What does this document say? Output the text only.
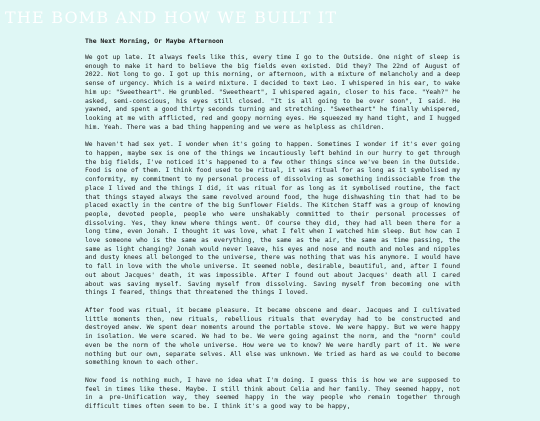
THE BOMB AND HOW WE BUILT IT
The Next Morning, Or Maybe Afternoon

We got up late. It always feels like this, every time I go to the Outside. One night of sleep is enough to make it hard to believe the big fields even existed. Did they? The 22nd of August of 2022. Not long to go. I got up this morning, or afternoon, with a mixture of melancholy and a deep sense of urgency. Which is a weird mixture. I decided to text Leo. I whispered in his ear, to wake him up: "Sweetheart". He grumbled. "Sweetheart", I whispered again, closer to his face. "Yeah?" he asked, semi-conscious, his eyes still closed. "It is all going to be over soon", I said. He yawned, and spent a good thirty seconds turning and stretching. "Sweetheart" he finally whispered, looking at me with afflicted, red and goopy morning eyes. He squeezed my hand tight, and I hugged him. Yeah. There was a bad thing happening and we were as helpless as children.

We haven't had sex yet. I wonder when it's going to happen. Sometimes I wonder if it's ever going to happen, maybe sex is one of the things we incautiously left behind in our hurry to get through the big fields, I've noticed it's happened to a few other things since we've been in the Outside. Food is one of them. I think food used to be ritual, it was ritual for as long as it symbolised my conformity, my commitment to my personal process of dissolving as something indissociable from the place I lived and the things I did, it was ritual for as long as it symbolised routine, the fact that things stayed always the same revolved around food, the huge dishwashing tin that had to be placed exactly in the centre of the big Sunflower Fields. The Kitchen Staff was a group of knowing people, devoted people, people who were unshakably committed to their personal processes of dissolving. Yes, they knew where things went. Of course they did, they had all been there for a long time, even Jonah. I thought it was love, what I felt when I watched him sleep. But how can I love someone who is the same as everything, the same as the air, the same as time passing, the same as light changing? Jonah would never leave, his eyes and nose and mouth and moles and nipples and dusty knees all belonged to the universe, there was nothing that was his anymore. I would have to fall in love with the whole universe. It seemed noble, desirable, beautiful, and, after I found out about Jacques' death, it was impossible. After I found out about Jacques' death all I cared about was saving myself. Saving myself from dissolving. Saving myself from becoming one with things I feared, things that threatened the things I loved.

After food was ritual, it became pleasure. It became obscene and dear. Jacques and I cultivated little moments then, new rituals, rebellious rituals that everyday had to be constructed and destroyed anew. We spent dear moments around the portable stove. We were happy. But we were happy in isolation. We were scared. We had to be. We were going against the norm, and the "norm" could even be the norm of the whole universe. How were we to know? We were hardly part of it. We were nothing but our own, separate selves. All else was unknown. We tried as hard as we could to become something known to each other.

Now food is nothing much, I have no idea what I'm doing. I guess this is how we are supposed to feel in times like these. Maybe. I still think about Celia and her family. They seemed happy, not in a pre-Unification way, they seemed happy in the way people who remain together through difficult times often seem to be. I think it's a good way to be happy,
